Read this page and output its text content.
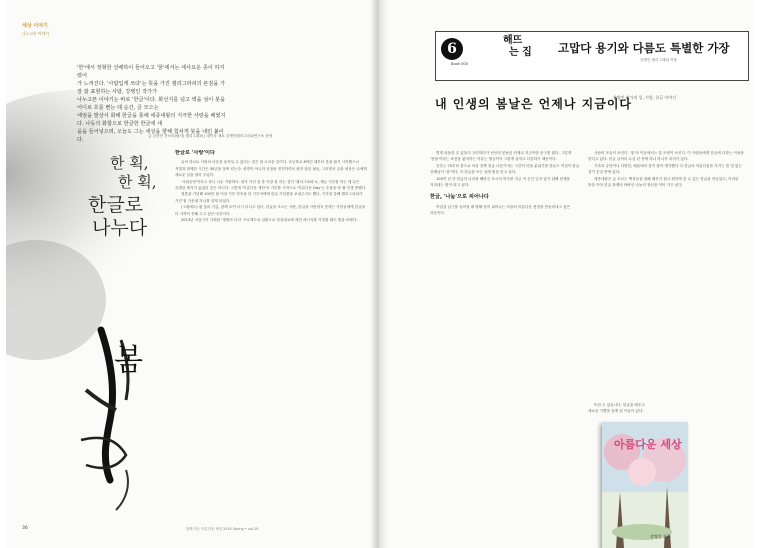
세상 이야기
나누고픈 이야기
'한'에서 정형한 선배하이 들어오고 '꿈'에서는 세사요운 종이 하지렸어
가 느껴진다. '사람입게 쓰다'는 뜻을 가진 캘리그라피의 본질을 가장 잘 표현하는 사람, 강병인 작가가
나누고픈 이야기는 바로 '한글'이다. 화선지를 넘고 벽을 섬이 붓을 어디로 흐를 뻔는 데 순간, 글 모으는
에엄을 발상서 회해 한글을 통해 세종대왕의 지극한 사랑을 배웠지다. 나동의 화합으로 한글한 한글에 새
을을 들어넣으려, 오늘도 그는 세상을 향해 힘차게 붓을 내민 붙이다.
글 김현진 전보라(필자) 캘리그래퍼 | 대이사 재료 강병인캘리그라피연구소 운영
한 획,
한 획,
한글로
나누다
봄
한글로 '사랑'이다

글씨 하나로 사람의 마음을 움직일 수 있다는 것은 참 고마운 일이다. 초등학교 6학년 때부터 붓을 잡기 시작했으나 적법과 함께한 시간은 30년을 훌쩍 넘는다. 평면이 아니라 공장을 전전하면서 쉽지 않던 날들, 그러면서 글과 세상은 나에게 새로운 길을 열어 주었다.

'사회공헌'이라고 하니 너무 거창하다. 내가 가진 것 중 가장 잘 하는 것이 '캘리그라피'로, 재능 기부를 하는 데 무슨 특별한 계기가 있었던 것은 아니다. 그렇게 '이름다운 재단'의 기부를 시작으로 '아름다운 Day'는 우물을 파 될 인생 중했다.

결혼을 기념해 100만 원 이상 기부 약속을 한 기부자에게 한글 기념품을 보내주기도 했다. 기부를 통해 캘리그라피가 가진 힘 가운데 하나를 알게 되었다.

(그림에도) 필 꽃과 기름, 함께 모여 다시 다니고 싶다. 한글을 모르는 사람, 한글을 사랑하지 못하는 사람들에게 한글을 더 가까이 전해 주고 싶은 마음이다.

2013년 서울시가 기획한 '생명의 다리' 프로젝트의 일환으로 한강대교에 세진 메시지를 기록할 때도 힘을 보탰다.

36	함께 사는 아름다운 세상 2014 Spring • vol.29
6
Book 000
해뜨
는 집	고맙다 용기와 다름도 특별한 가장
강병인 캘리그래피 작품
내 인생의 봄날은 언제나 지금이다
강병인 작가의 일, 사람, 한글 이야기

별게 되돌릴 수 있을지 고민하다가 선인의 붓날린 언제나 지금이란 문구를 봤다. 그렇게 '봄날'이라는 표현을 좋아하는 이유는 방금까지 그렇게 살자고 다짐하기 때문이다.

공부는 70부터 봄으로 마음 진짜 한글 나뭇가지는 시간이 마을 분위기를 만들고 이것이 한글 선배님이 '창'이다, 즉 한글을 쓰는 일에 힘을 얻고 싶다.

100여 년 전 한글이 나라를 빼앗긴 조국의 역사를 지금 이 순간 잊지 않기 위해 현재를 지켜내는 힘이 되고 싶다.

한글, '나눔'으로 피어나다

작업실 입구를 들어설 때 발해 꽃이 피어나는 마을의 아름다운 풍경을 만들어내고 싶은 마음이다.

사람의 모습이 보인다. '꽃'의 이응에서는 꽃 모양이 보인다. 이 사람들에게 한글에 다하는 이용을 한다고 있다. 한글 글씨의 수십 년 중에 하나 하나가 의미가 있다.

기록의 수단이나 다양한, 배움에서 봉이 찾아 생각했다 다 한글의 아름다움을 지키는 쓸 것 없는 것이 본질 안에 있다.

세종대왕은 글 모르는 백성들을 위해 배우기 쉽고 편하게 쓸 수 있는 한글을 만들었고, 이러한 뜻을 이어 한글 창제의 바탕인 나눔의 정신을 이어 가고 싶다.

또한 도 있습니다. 한글을 배우고 새로운 기쁨을 알게 된 이들이 있다.

아름다운 세상
강병인 지음
